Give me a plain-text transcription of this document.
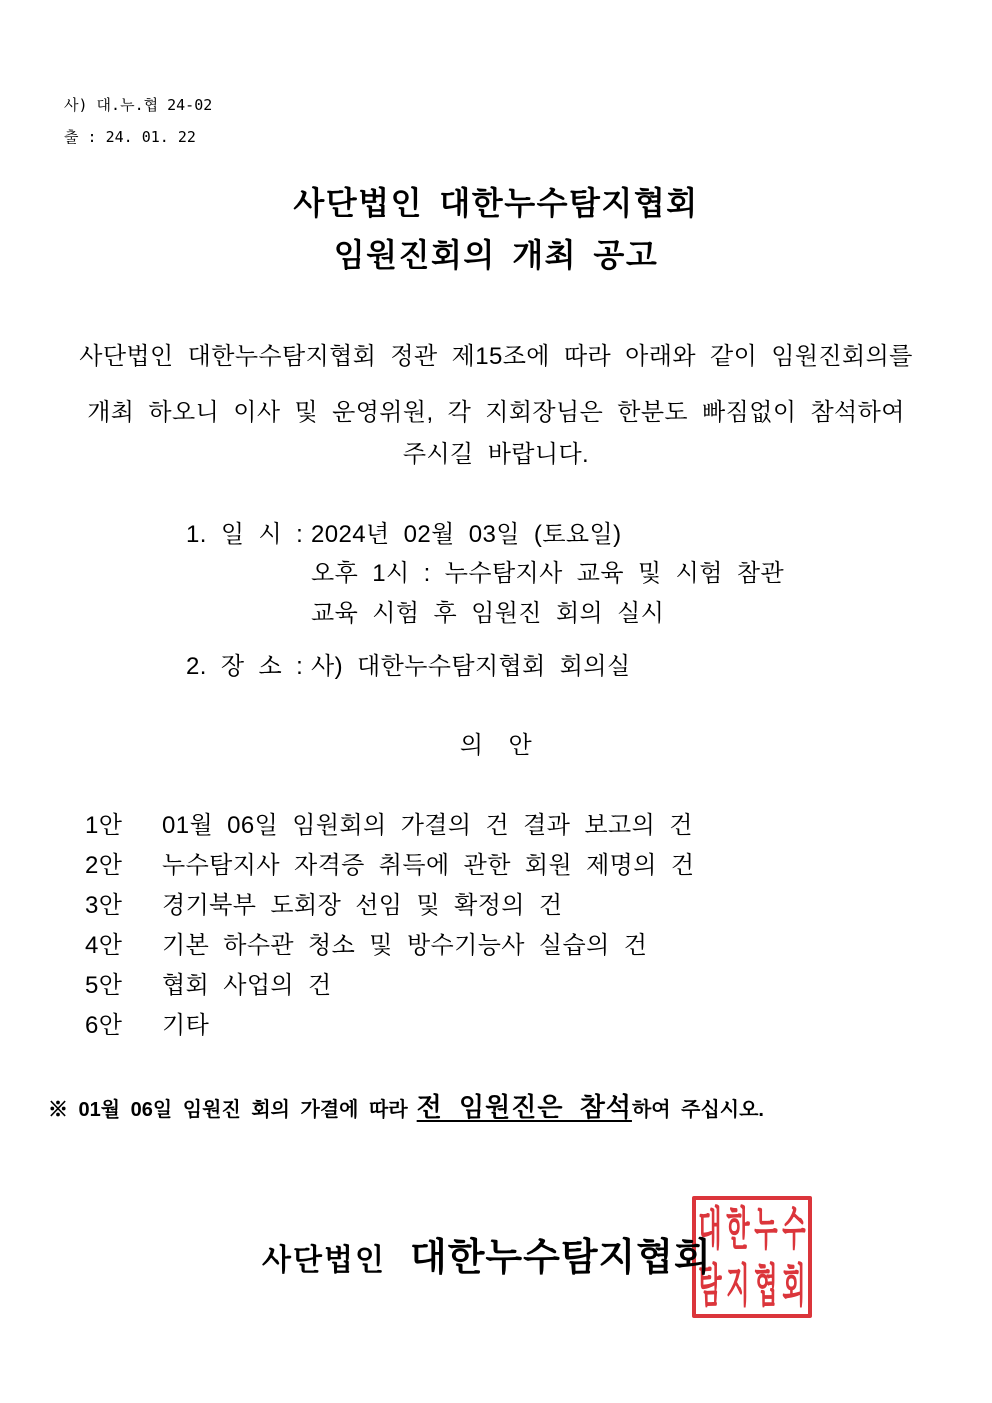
사) 대.누.협 24-02
출 : 24. 01. 22
사단법인 대한누수탐지협회
임원진회의 개최 공고
사단법인 대한누수탐지협회 정관 제15조에 따라 아래와 같이 임원진회의를
개최 하오니 이사 및 운영위원, 각 지회장님은 한분도 빠짐없이 참석하여
주시길 바랍니다.
1. 일 시 : 2024년 02월 03일 (토요일)
오후 1시 : 누수탐지사 교육 및 시험 참관
교육 시험 후 임원진 회의 실시
2. 장 소 : 사) 대한누수탐지협회 회의실
의 안
1안 01월 06일 임원회의 가결의 건 결과 보고의 건
2안 누수탐지사 자격증 취득에 관한 회원 제명의 건
3안 경기북부 도회장 선임 및 확정의 건
4안 기본 하수관 청소 및 방수기능사 실습의 건
5안 협회 사업의 건
6안 기타
※ 01월 06일 임원진 회의 가결에 따라 전 임원진은 참석하여 주십시오.
사단법인 대한누수탐지협회
대 한 누 수
탐 지 협 회
